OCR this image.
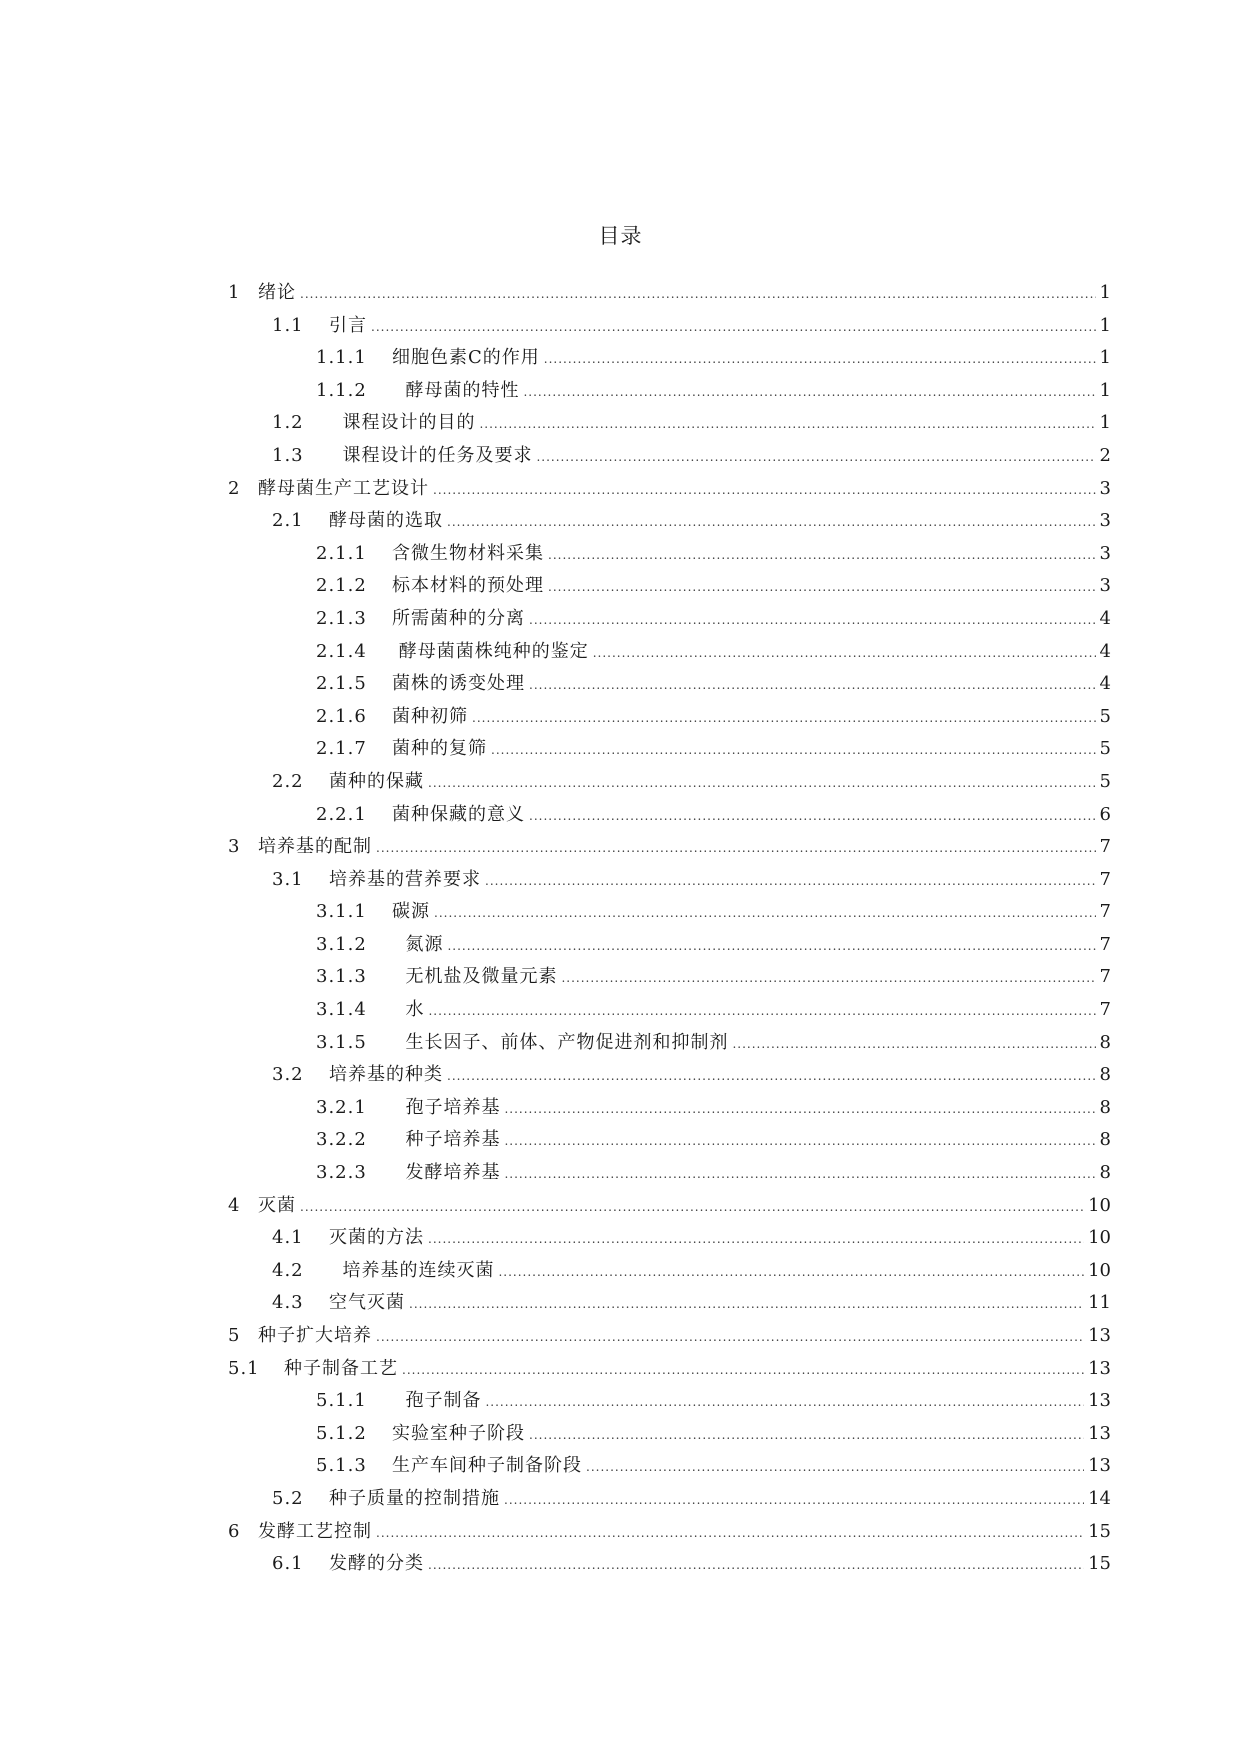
目录
1 绪论 .....	1
1.1	引言 .....	1
1.1.1	细胞色素C的作用 .....	1
1.1.2	酵母菌的特性 .....	1
1.2	课程设计的目的 .....	1
1.3	课程设计的任务及要求 .....	2
2 酵母菌生产工艺设计 .....	3
2.1	酵母菌的选取 .....	3
2.1.1	含微生物材料采集 .....	3
2.1.2	标本材料的预处理 .....	3
2.1.3	所需菌种的分离 .....	4
2.1.4	酵母菌菌株纯种的鉴定 .....	4
2.1.5	菌株的诱变处理 .....	4
2.1.6	菌种初筛 .....	5
2.1.7	菌种的复筛 .....	5
2.2	菌种的保藏 .....	5
2.2.1	菌种保藏的意义 .....	6
3 培养基的配制 .....	7
3.1	培养基的营养要求 .....	7
3.1.1	碳源 .....	7
3.1.2	氮源 .....	7
3.1.3	无机盐及微量元素 .....	7
3.1.4	水 .....	7
3.1.5	生长因子、前体、产物促进剂和抑制剂 .....	8
3.2	培养基的种类 .....	8
3.2.1	孢子培养基 .....	8
3.2.2	种子培养基 .....	8
3.2.3	发酵培养基 .....	8
4 灭菌 .....	10
4.1	灭菌的方法 .....	10
4.2	培养基的连续灭菌 .....	10
4.3	空气灭菌 .....	11
5 种子扩大培养 .....	13
5.1	种子制备工艺 .....	13
5.1.1	孢子制备 .....	13
5.1.2	实验室种子阶段 .....	13
5.1.3	生产车间种子制备阶段 .....	13
5.2	种子质量的控制措施 .....	14
6 发酵工艺控制 .....	15
6.1	发酵的分类 .....	15
